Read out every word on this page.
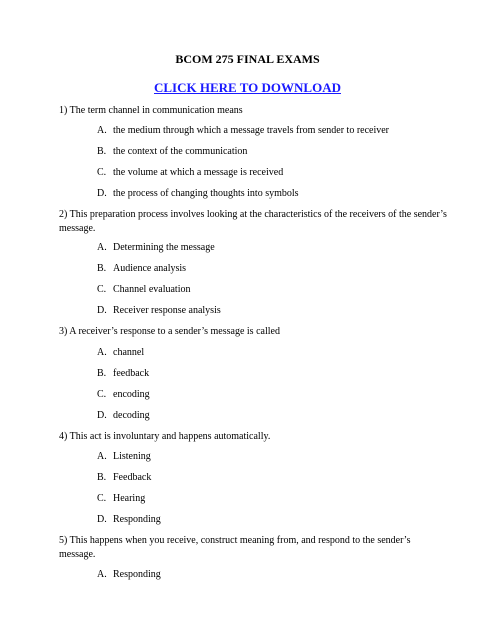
BCOM 275 FINAL EXAMS
CLICK HERE TO DOWNLOAD
1) The term channel in communication means
A. the medium through which a message travels from sender to receiver
B. the context of the communication
C. the volume at which a message is received
D. the process of changing thoughts into symbols
2) This preparation process involves looking at the characteristics of the receivers of the sender’s message.
A. Determining the message
B. Audience analysis
C. Channel evaluation
D. Receiver response analysis
3) A receiver’s response to a sender’s message is called
A. channel
B. feedback
C. encoding
D. decoding
4) This act is involuntary and happens automatically.
A. Listening
B. Feedback
C. Hearing
D. Responding
5) This happens when you receive, construct meaning from, and respond to the sender’s message.
A. Responding
